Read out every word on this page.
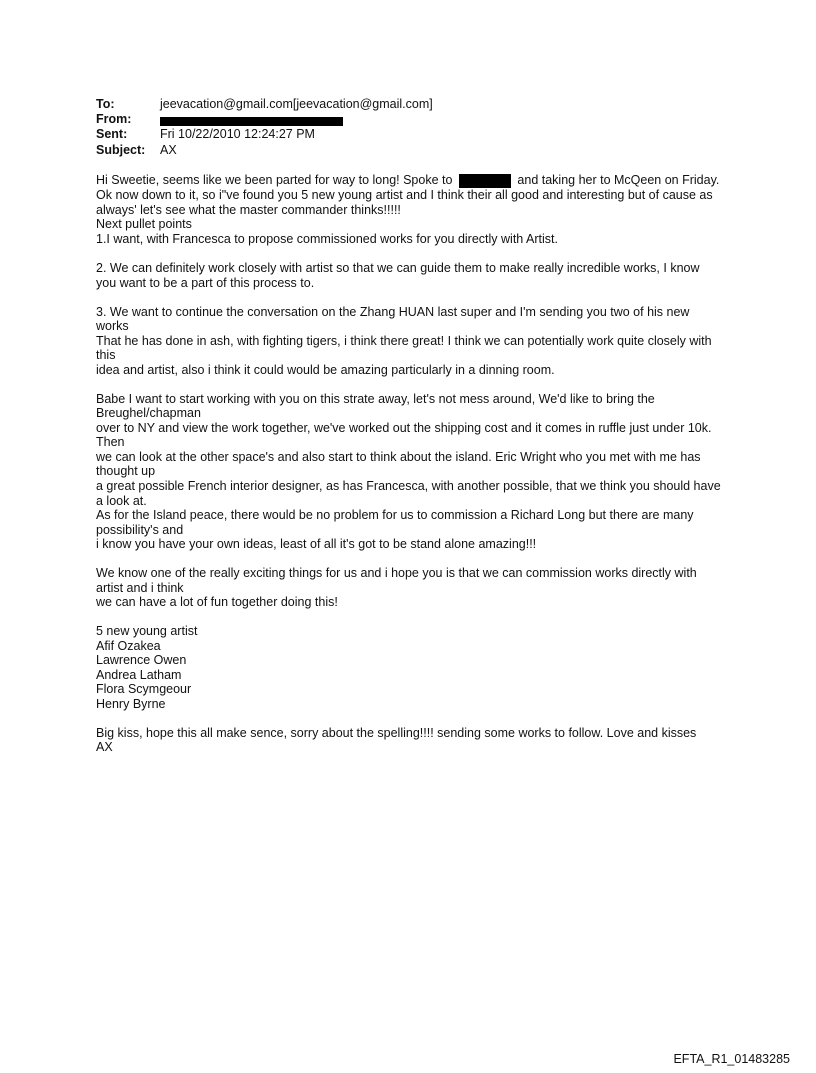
To:	jeevacation@gmail.com[jeevacation@gmail.com]
From:
Sent:	Fri 10/22/2010 12:24:27 PM
Subject: AX
Hi Sweetie, seems like we been parted for way to long! Spoke to	and taking her to McQeen on Friday.
Ok now down to it, so i"ve found you 5 new young artist and I think their all good and interesting but of cause as
always' let's see what the master commander thinks!!!!!
Next pullet points
1.I want, with Francesca to propose commissioned works for you directly with Artist.
2. We can definitely work closely with artist so that we can guide them to make really incredible works, I know
you want to be a part of this process to.
3. We want to continue the conversation on the Zhang HUAN last super and I'm sending you two of his new
works
That he has done in ash, with fighting tigers, i think there great! I think we can potentially work quite closely with
this
idea and artist, also i think it could would be amazing particularly in a dinning room.
Babe I want to start working with you on this strate away, let's not mess around, We'd like to bring the
Breughel/chapman
over to NY and view the work together, we've worked out the shipping cost and it comes in ruffle just under 10k.
Then
we can look at the other space's and also start to think about the island. Eric Wright who you met with me has
thought up
a great possible French interior designer, as has Francesca, with another possible, that we think you should have
a look at.
As for the Island peace, there would be no problem for us to commission a Richard Long but there are many
possibility's and
i know you have your own ideas, least of all it's got to be stand alone amazing!!!
We know one of the really exciting things for us and i hope you is that we can commission works directly with
artist and i think
we can have a lot of fun together doing this!
5 new young artist
Afif Ozakea
Lawrence Owen
Andrea Latham
Flora Scymgeour
Henry Byrne
Big kiss, hope this all make sence, sorry about the spelling!!!! sending some works to follow. Love and kisses
AX
EFTA_R1_01483285
